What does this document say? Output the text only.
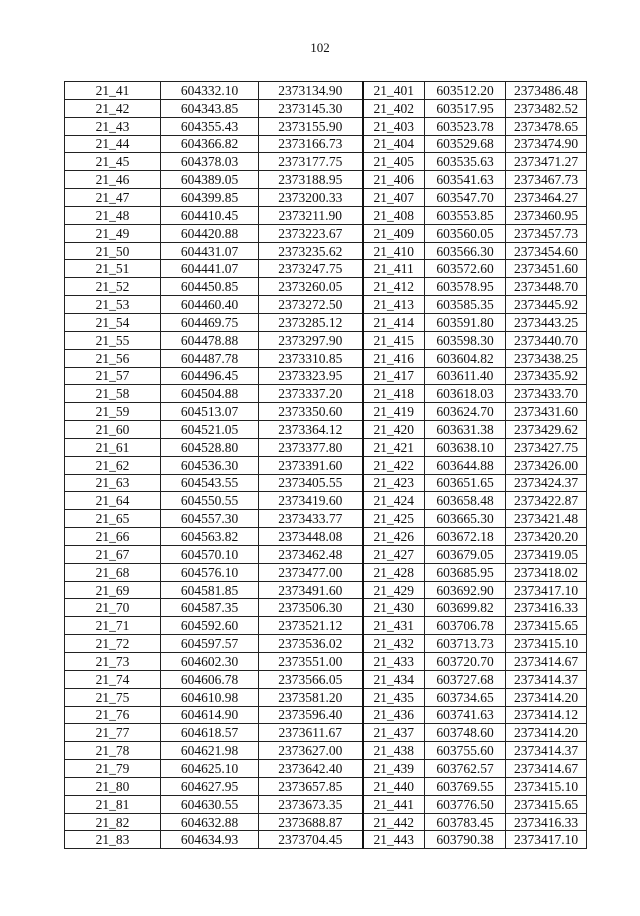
102
21_41	604332.10	2373134.90	21_401	603512.20	2373486.48
21_42	604343.85	2373145.30	21_402	603517.95	2373482.52
21_43	604355.43	2373155.90	21_403	603523.78	2373478.65
21_44	604366.82	2373166.73	21_404	603529.68	2373474.90
21_45	604378.03	2373177.75	21_405	603535.63	2373471.27
21_46	604389.05	2373188.95	21_406	603541.63	2373467.73
21_47	604399.85	2373200.33	21_407	603547.70	2373464.27
21_48	604410.45	2373211.90	21_408	603553.85	2373460.95
21_49	604420.88	2373223.67	21_409	603560.05	2373457.73
21_50	604431.07	2373235.62	21_410	603566.30	2373454.60
21_51	604441.07	2373247.75	21_411	603572.60	2373451.60
21_52	604450.85	2373260.05	21_412	603578.95	2373448.70
21_53	604460.40	2373272.50	21_413	603585.35	2373445.92
21_54	604469.75	2373285.12	21_414	603591.80	2373443.25
21_55	604478.88	2373297.90	21_415	603598.30	2373440.70
21_56	604487.78	2373310.85	21_416	603604.82	2373438.25
21_57	604496.45	2373323.95	21_417	603611.40	2373435.92
21_58	604504.88	2373337.20	21_418	603618.03	2373433.70
21_59	604513.07	2373350.60	21_419	603624.70	2373431.60
21_60	604521.05	2373364.12	21_420	603631.38	2373429.62
21_61	604528.80	2373377.80	21_421	603638.10	2373427.75
21_62	604536.30	2373391.60	21_422	603644.88	2373426.00
21_63	604543.55	2373405.55	21_423	603651.65	2373424.37
21_64	604550.55	2373419.60	21_424	603658.48	2373422.87
21_65	604557.30	2373433.77	21_425	603665.30	2373421.48
21_66	604563.82	2373448.08	21_426	603672.18	2373420.20
21_67	604570.10	2373462.48	21_427	603679.05	2373419.05
21_68	604576.10	2373477.00	21_428	603685.95	2373418.02
21_69	604581.85	2373491.60	21_429	603692.90	2373417.10
21_70	604587.35	2373506.30	21_430	603699.82	2373416.33
21_71	604592.60	2373521.12	21_431	603706.78	2373415.65
21_72	604597.57	2373536.02	21_432	603713.73	2373415.10
21_73	604602.30	2373551.00	21_433	603720.70	2373414.67
21_74	604606.78	2373566.05	21_434	603727.68	2373414.37
21_75	604610.98	2373581.20	21_435	603734.65	2373414.20
21_76	604614.90	2373596.40	21_436	603741.63	2373414.12
21_77	604618.57	2373611.67	21_437	603748.60	2373414.20
21_78	604621.98	2373627.00	21_438	603755.60	2373414.37
21_79	604625.10	2373642.40	21_439	603762.57	2373414.67
21_80	604627.95	2373657.85	21_440	603769.55	2373415.10
21_81	604630.55	2373673.35	21_441	603776.50	2373415.65
21_82	604632.88	2373688.87	21_442	603783.45	2373416.33
21_83	604634.93	2373704.45	21_443	603790.38	2373417.10
